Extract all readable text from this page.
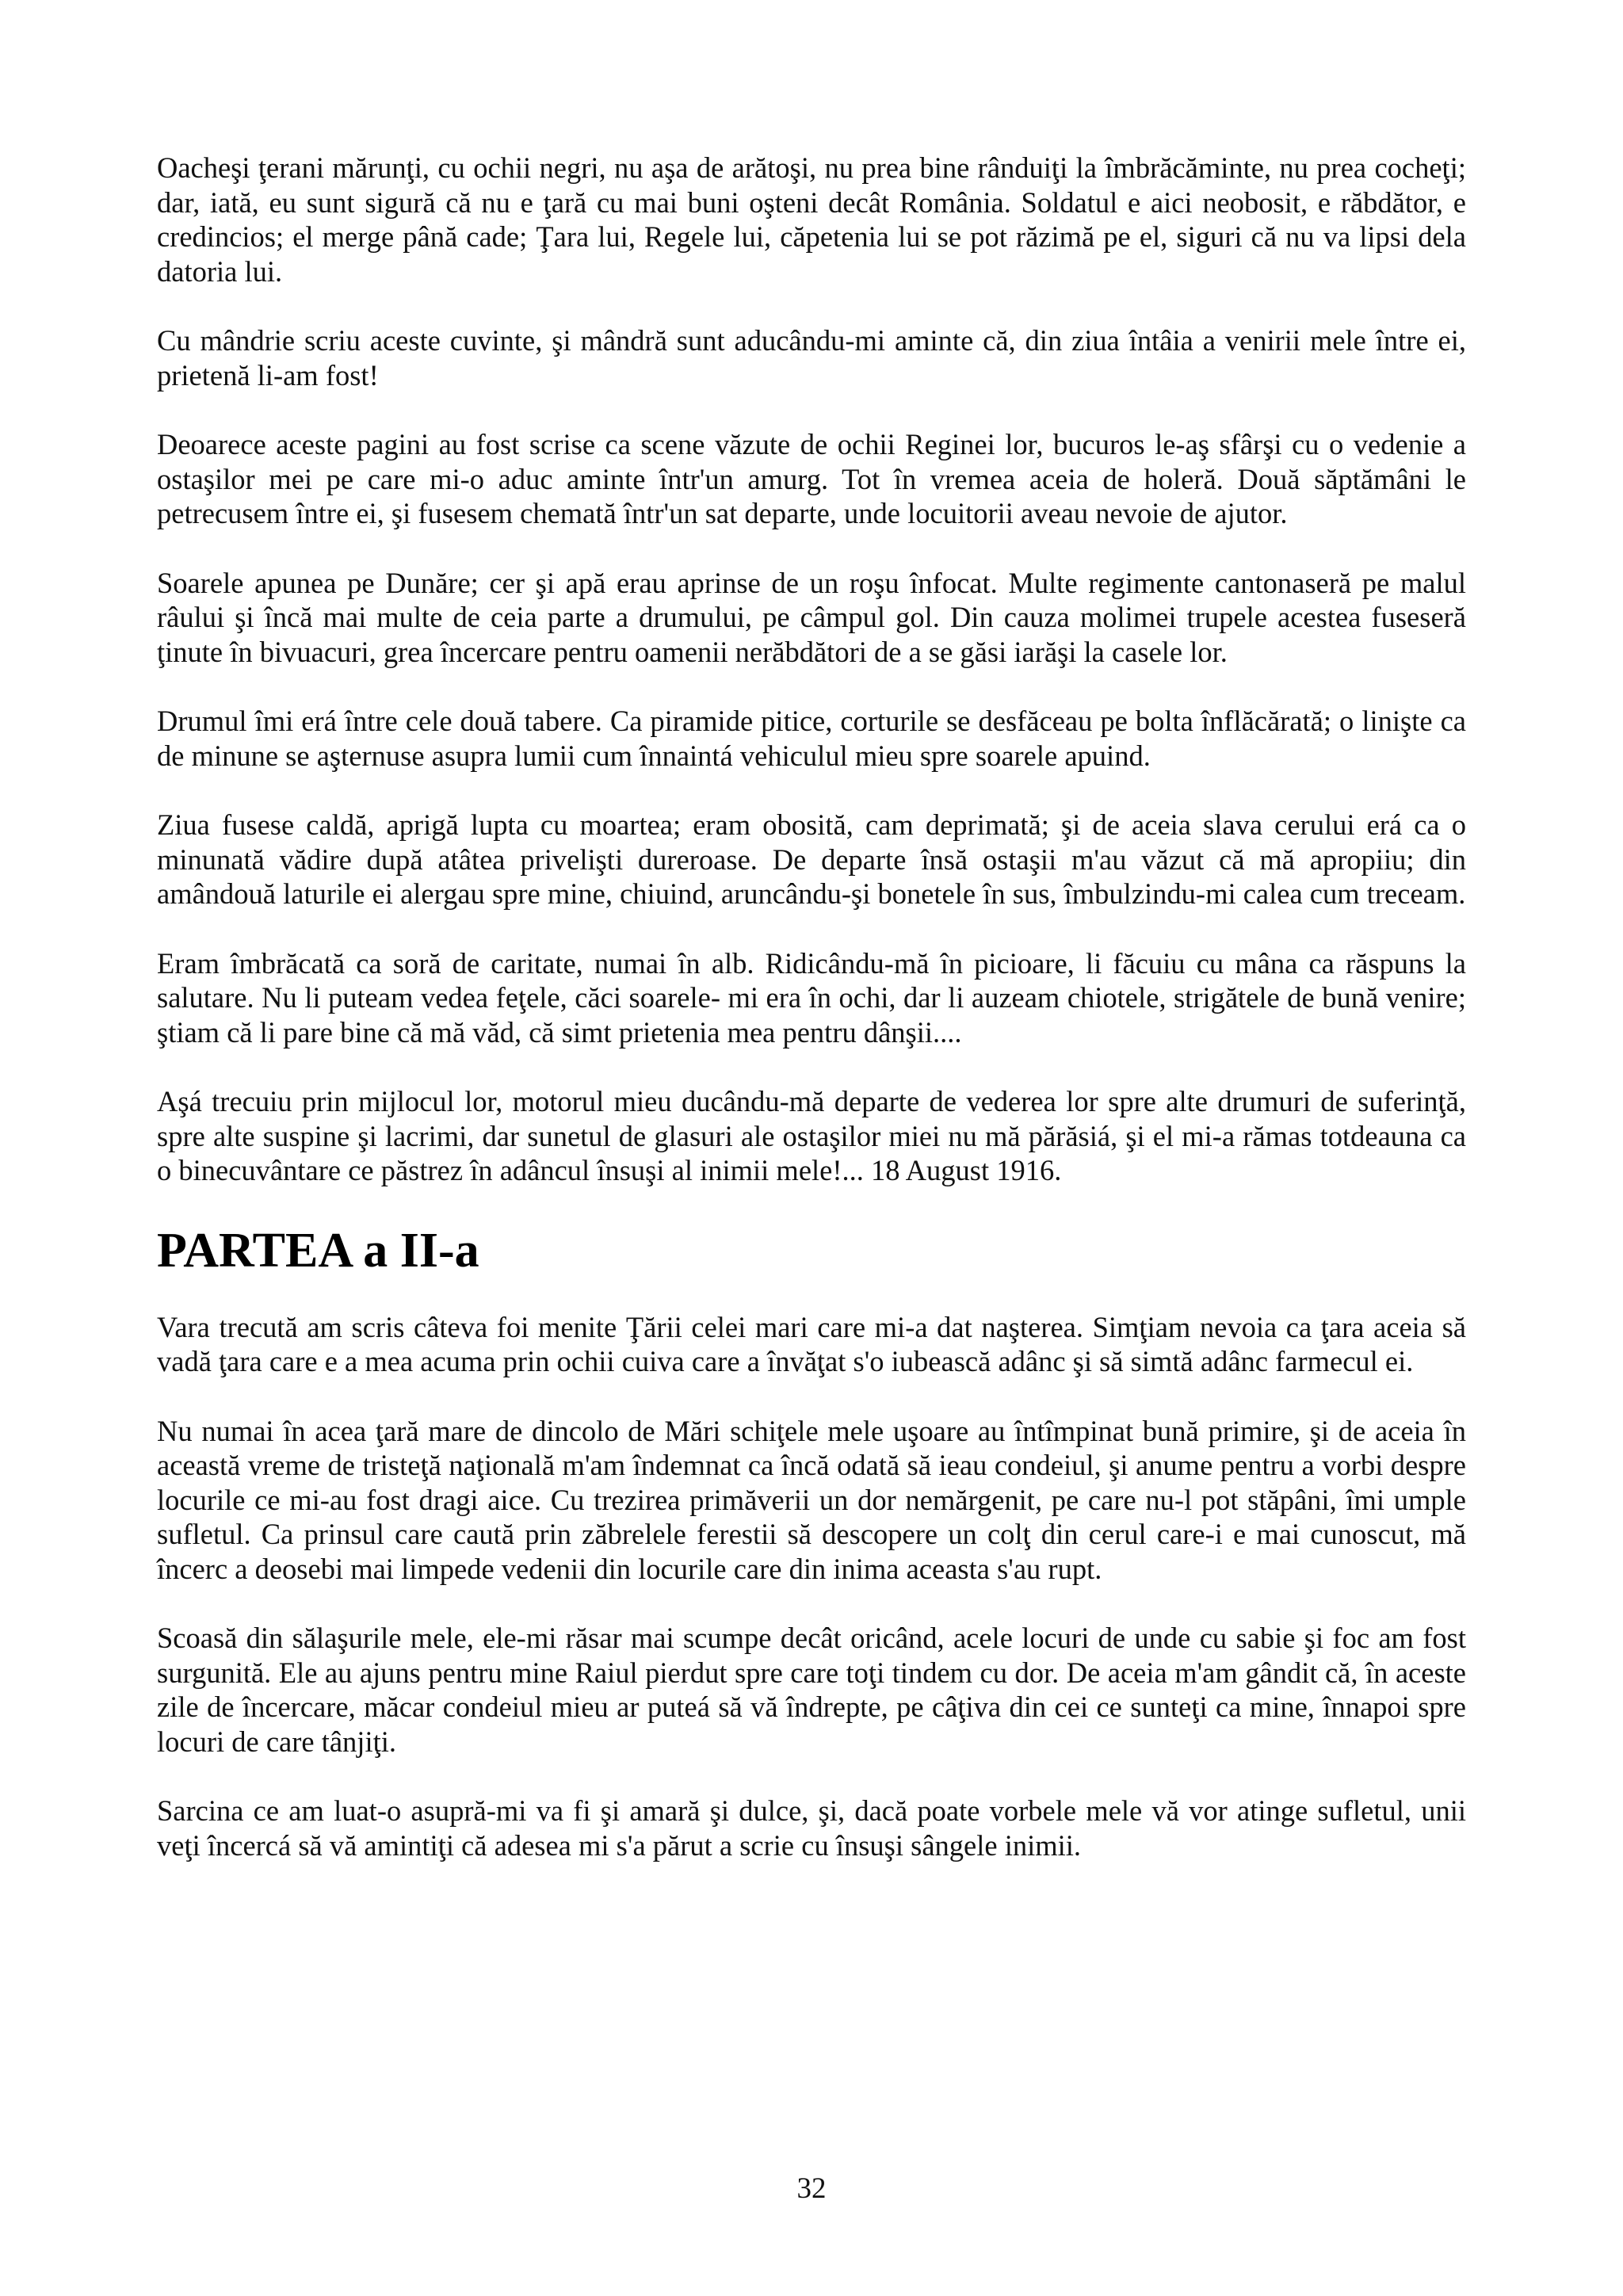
Oacheşi ţerani mărunţi, cu ochii negri, nu aşa de arătoşi, nu prea bine rânduiţi la îmbrăcăminte, nu prea cocheţi; dar, iată, eu sunt sigură că nu e ţară cu mai buni oşteni decât România. Soldatul e aici neobosit, e răbdător, e credincios; el merge până cade; Ţara lui, Regele lui, căpetenia lui se pot răzimă pe el, siguri că nu va lipsi dela datoria lui.

Cu mândrie scriu aceste cuvinte, şi mândră sunt aducându-mi aminte că, din ziua întâia a venirii mele între ei, prietenă li-am fost!

Deoarece aceste pagini au fost scrise ca scene văzute de ochii Reginei lor, bucuros le-aş sfârşi cu o vedenie a ostaşilor mei pe care mi-o aduc aminte într'un amurg. Tot în vremea aceia de holeră. Două săptămâni le petrecusem între ei, şi fusesem chemată într'un sat departe, unde locuitorii aveau nevoie de ajutor.

Soarele apunea pe Dunăre; cer şi apă erau aprinse de un roşu înfocat. Multe regimente cantonaseră pe malul râului şi încă mai multe de ceia parte a drumului, pe câmpul gol. Din cauza molimei trupele acestea fuseseră ţinute în bivuacuri, grea încercare pentru oamenii nerăbdători de a se găsi iarăşi la casele lor.

Drumul îmi erá între cele două tabere. Ca piramide pitice, corturile se desfăceau pe bolta înflăcărată; o linişte ca de minune se aşternuse asupra lumii cum înnaintá vehiculul mieu spre soarele apuind.

Ziua fusese caldă, aprigă lupta cu moartea; eram obosită, cam deprimată; şi de aceia slava cerului erá ca o minunată vădire după atâtea privelişti dureroase. De departe însă ostaşii m'au văzut că mă apropiiu; din amândouă laturile ei alergau spre mine, chiuind, aruncându-şi bonetele în sus, îmbulzindu-mi calea cum treceam.

Eram îmbrăcată ca soră de caritate, numai în alb. Ridicându-mă în picioare, li făcuiu cu mâna ca răspuns la salutare. Nu li puteam vedea feţele, căci soarele- mi era în ochi, dar li auzeam chiotele, strigătele de bună venire; ştiam că li pare bine că mă văd, că simt prietenia mea pentru dânşii....

Aşá trecuiu prin mijlocul lor, motorul mieu ducându-mă departe de vederea lor spre alte drumuri de suferinţă, spre alte suspine şi lacrimi, dar sunetul de glasuri ale ostaşilor miei nu mă părăsiá, şi el mi-a rămas totdeauna ca o binecuvântare ce păstrez în adâncul însuşi al inimii mele!... 18 August 1916.

PARTEA a II-a

Vara trecută am scris câteva foi menite Ţării celei mari care mi-a dat naşterea. Simţiam nevoia ca ţara aceia să vadă ţara care e a mea acuma prin ochii cuiva care a învăţat s'o iubească adânc şi să simtă adânc farmecul ei.

Nu numai în acea ţară mare de dincolo de Mări schiţele mele uşoare au întîmpinat bună primire, şi de aceia în această vreme de tristeţă naţională m'am îndemnat ca încă odată să ieau condeiul, şi anume pentru a vorbi despre locurile ce mi-au fost dragi aice. Cu trezirea primăverii un dor nemărgenit, pe care nu-l pot stăpâni, îmi umple sufletul. Ca prinsul care caută prin zăbrelele ferestii să descopere un colţ din cerul care-i e mai cunoscut, mă încerc a deosebi mai limpede vedenii din locurile care din inima aceasta s'au rupt.

Scoasă din sălaşurile mele, ele-mi răsar mai scumpe decât oricând, acele locuri de unde cu sabie şi foc am fost surgunită. Ele au ajuns pentru mine Raiul pierdut spre care toţi tindem cu dor. De aceia m'am gândit că, în aceste zile de încercare, măcar condeiul mieu ar puteá să vă îndrepte, pe câţiva din cei ce sunteţi ca mine, înnapoi spre locuri de care tânjiţi.

Sarcina ce am luat-o asupră-mi va fi şi amară şi dulce, şi, dacă poate vorbele mele vă vor atinge sufletul, unii veţi încercá să vă amintiţi că adesea mi s'a părut a scrie cu însuşi sângele inimii.

32
